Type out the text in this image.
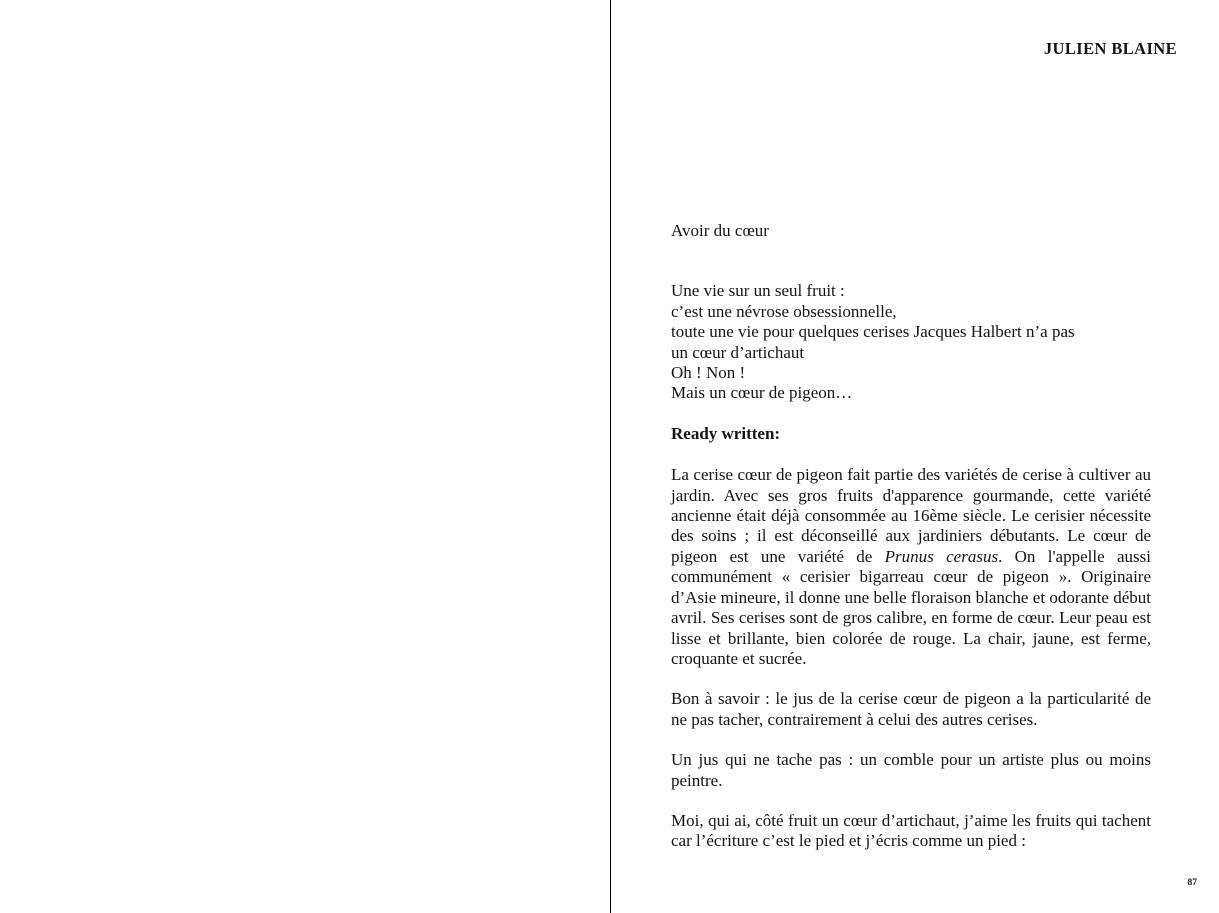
JULIEN BLAINE
Avoir du cœur
Une vie sur un seul fruit :
c’est une névrose obsessionnelle,
toute une vie pour quelques cerises Jacques Halbert n’a pas
un cœur d’artichaut
Oh ! Non !
Mais un cœur de pigeon…
Ready written:

La cerise cœur de pigeon fait partie des variétés de cerise à cultiver au jardin. Avec ses gros fruits d'apparence gourmande, cette variété ancienne était déjà consommée au 16ème siècle. Le cerisier nécessite des soins ; il est déconseillé aux jardiniers débutants. Le cœur de pigeon est une variété de Prunus cerasus. On l'appelle aussi communément « cerisier bigarreau cœur de pigeon ». Originaire d’Asie mineure, il donne une belle floraison blanche et odorante début avril. Ses cerises sont de gros calibre, en forme de cœur. Leur peau est lisse et brillante, bien colorée de rouge. La chair, jaune, est ferme, croquante et sucrée.

Bon à savoir : le jus de la cerise cœur de pigeon a la particularité de ne pas tacher, contrairement à celui des autres cerises.

Un jus qui ne tache pas : un comble pour un artiste plus ou moins peintre.

Moi, qui ai, côté fruit un cœur d’artichaut, j’aime les fruits qui tachent car l’écriture c’est le pied et j’écris comme un pied :

87
